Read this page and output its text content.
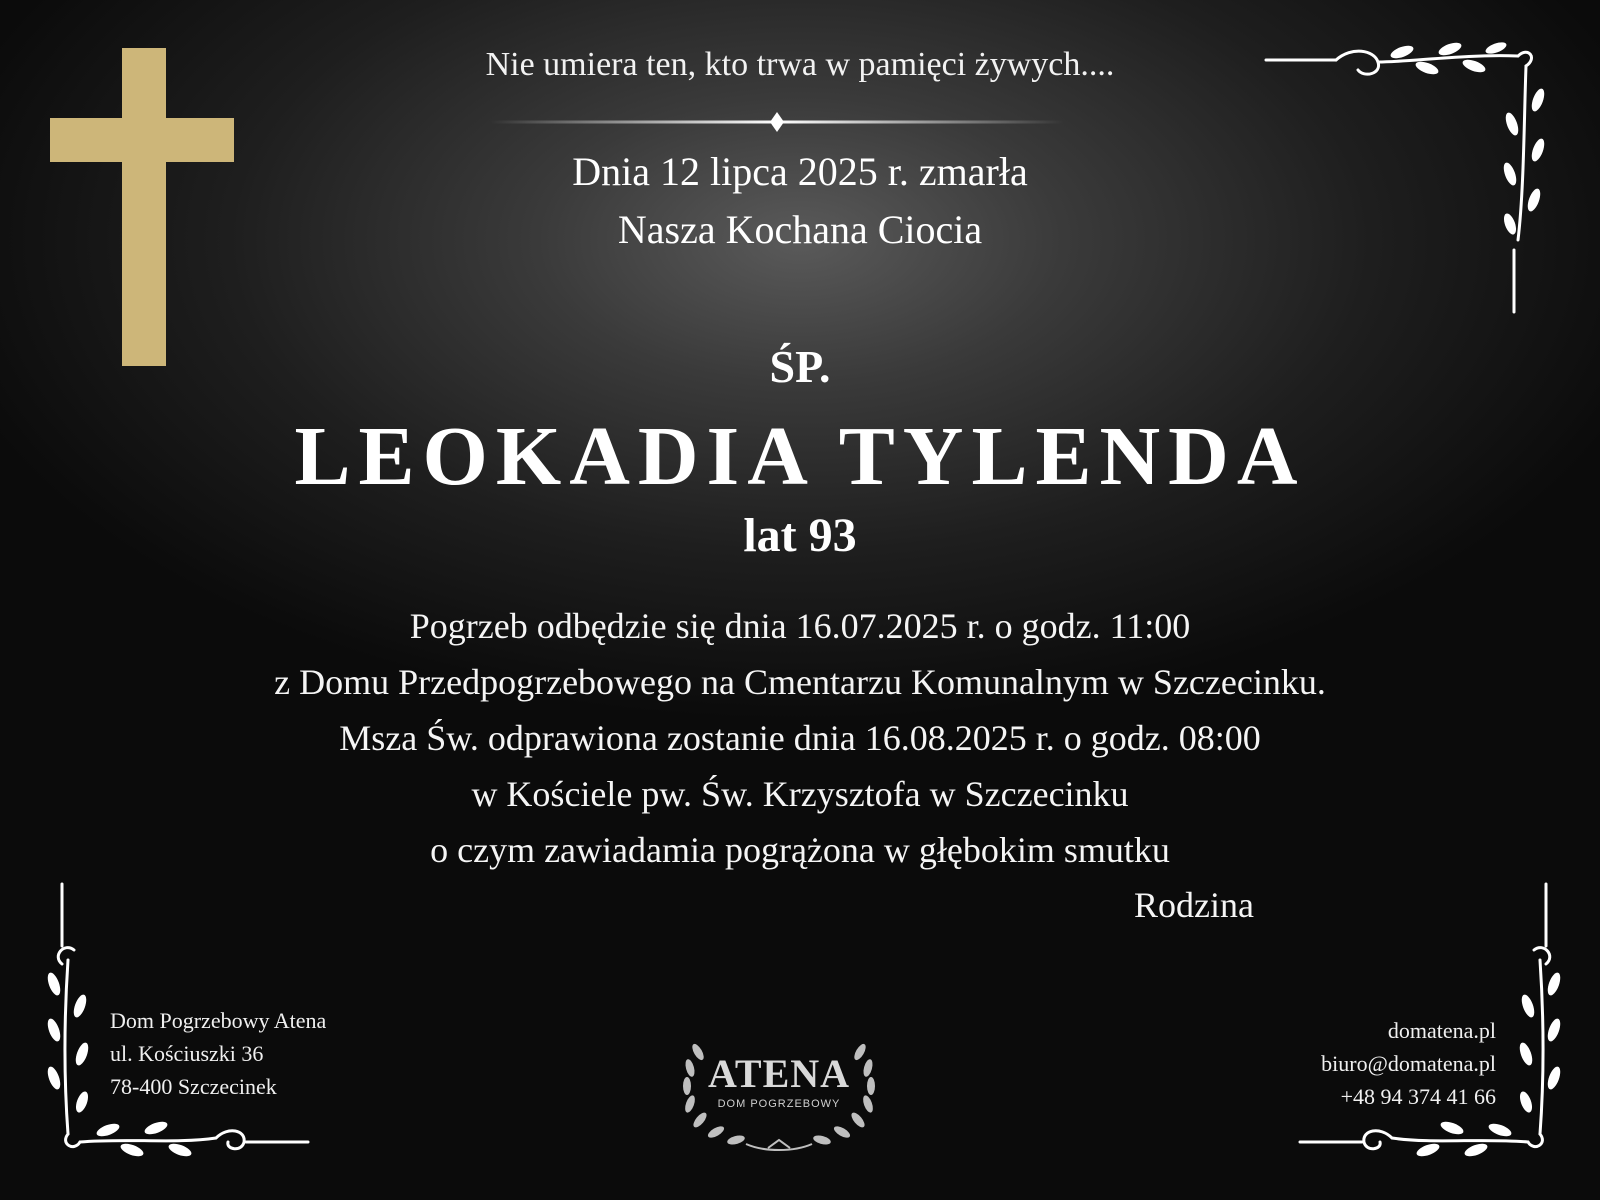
Nie umiera ten, kto trwa w pamięci żywych....
Dnia 12 lipca 2025 r. zmarła
Nasza Kochana Ciocia
ŚP.
LEOKADIA TYLENDA
lat 93
Pogrzeb odbędzie się dnia 16.07.2025 r. o godz. 11:00
z Domu Przedpogrzebowego na Cmentarzu Komunalnym w Szczecinku.
Msza Św. odprawiona zostanie dnia 16.08.2025 r. o godz. 08:00
w Kościele pw. Św. Krzysztofa w Szczecinku
o czym zawiadamia pogrążona w głębokim smutku
Rodzina
Dom Pogrzebowy Atena
ul. Kościuszki 36
78-400 Szczecinek
domatena.pl
biuro@domatena.pl
+48 94 374 41 66
ATENA
DOM POGRZEBOWY
